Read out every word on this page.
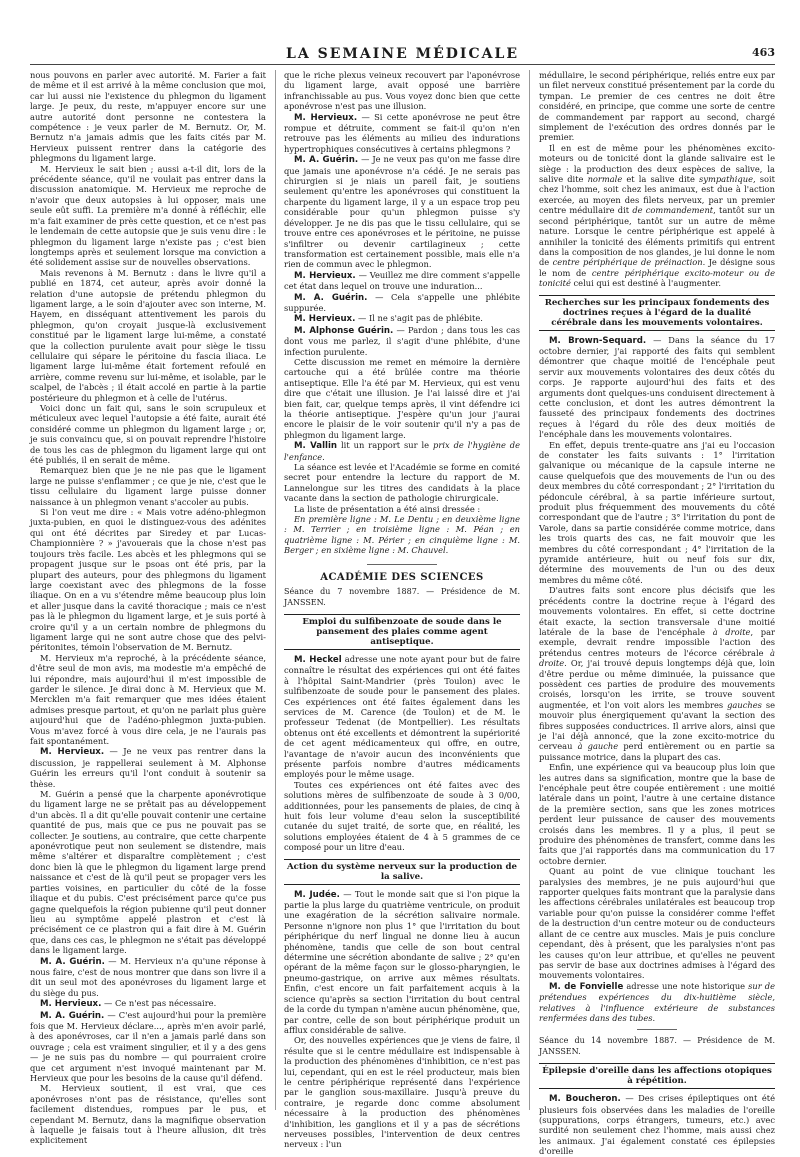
LA SEMAINE MÉDICALE	463

nous pouvons en parler avec autorité. M. Farier a fait de même et il est arrivé à la même conclusion que moi, car lui aussi nie l'existence du phlegmon du ligament large. Je peux, du reste, m'appuyer encore sur une autre autorité dont personne ne contestera la compétence : je veux parler de M. Bernutz. Or, M. Bernutz n'a jamais admis que les faits cités par M. Hervieux puissent rentrer dans la catégorie des phlegmons du ligament large.

M. Hervieux le sait bien ; aussi a-t-il dit, lors de la précédente séance, qu'il ne voulait pas entrer dans la discussion anatomique. M. Hervieux me reproche de n'avoir que deux autopsies à lui opposer, mais une seule eût suffi. La première m'a donné à réfléchir, elle m'a fait examiner de près cette question, et ce n'est pas le lendemain de cette autopsie que je suis venu dire : le phlegmon du ligament large n'existe pas ; c'est bien longtemps après et seulement lorsque ma conviction a été solidement assise sur de nouvelles observations.

Mais revenons à M. Bernutz : dans le livre qu'il a publié en 1874, cet auteur, après avoir donné la relation d'une autopsie de prétendu phlegmon du ligament large, a le soin d'ajouter avec son interne, M. Hayem, en disséquant attentivement les parois du phlegmon, qu'on croyait jusque-là exclusivement constitué par le ligament large lui-même, a constaté que la collection purulente avait pour siège le tissu cellulaire qui sépare le péritoine du fascia iliaca. Le ligament large lui-même était fortement refoulé en arrière, comme revenu sur lui-même, et isolable, par le scalpel, de l'abcès ; il était accolé en partie à la partie postérieure du phlegmon et à celle de l'utérus.

Voici donc un fait qui, sans le soin scrupuleux et méticuleux avec lequel l'autopsie a été faite, aurait été considéré comme un phlegmon du ligament large ; or, je suis convaincu que, si on pouvait reprendre l'histoire de tous les cas de phlegmon du ligament large qui ont été publiés, il en serait de même.

Remarquez bien que je ne nie pas que le ligament large ne puisse s'enflammer ; ce que je nie, c'est que le tissu cellulaire du ligament large puisse donner naissance à un phlegmon venant s'accoler au pubis.

Si l'on veut me dire : « Mais votre adéno-phlegmon juxta-pubien, en quoi le distinguez-vous des adénites qui ont été décrites par Siredey et par Lucas-Championnière ? » j'avouerais que la chose n'est pas toujours très facile. Les abcès et les phlegmons qui se propagent jusque sur le psoas ont été pris, par la plupart des auteurs, pour des phlegmons du ligament large coexistant avec des phlegmons de la fosse iliaque. On en a vu s'étendre même beaucoup plus loin et aller jusque dans la cavité thoracique ; mais ce n'est pas là le phlegmon du ligament large, et je suis porté à croire qu'il y a un certain nombre de phlegmons du ligament large qui ne sont autre chose que des pelvi-péritonites, témoin l'observation de M. Bernutz.

M. Hervieux m'a reproché, à la précédente séance, d'être seul de mon avis, ma modestie m'a empêché de lui répondre, mais aujourd'hui il m'est impossible de garder le silence. Je dirai donc à M. Hervieux que M. Mercklen m'a fait remarquer que mes idées étaient admises presque partout, et qu'on ne parlait plus guère aujourd'hui que de l'adéno-phlegmon juxta-pubien. Vous m'avez forcé à vous dire cela, je ne l'aurais pas fait spontanément.

M. Hervieux. — Je ne veux pas rentrer dans la discussion, je rappellerai seulement à M. Alphonse Guérin les erreurs qu'il l'ont conduit à soutenir sa thèse.

M. Guérin a pensé que la charpente aponévrotique du ligament large ne se prêtait pas au développement d'un abcès. Il a dit qu'elle pouvait contenir une certaine quantité de pus, mais que ce pus ne pouvait pas se collecter. Je soutiens, au contraire, que cette charpente aponévrotique peut non seulement se distendre, mais même s'altérer et disparaître complètement ; c'est donc bien là que le phlegmon du ligament large prend naissance et c'est de là qu'il peut se propager vers les parties voisines, en particulier du côté de la fosse iliaque et du pubis. C'est précisément parce qu'ce pus gagne quelquefois la région pubienne qu'il peut donner lieu au symptôme appelé plastron et c'est là précisément ce ce plastron qui a fait dire à M. Guérin que, dans ces cas, le phlegmon ne s'était pas développé dans le ligament large.

M. A. Guérin. — M. Hervieux n'a qu'une réponse à nous faire, c'est de nous montrer que dans son livre il a dit un seul mot des aponévroses du ligament large et du siège du pus.

M. Hervieux. — Ce n'est pas nécessaire.

M. A. Guérin. — C'est aujourd'hui pour la première fois que M. Hervieux déclare..., après m'en avoir parlé, à des aponévroses, car il n'en a jamais parlé dans son ouvrage ; cela est vraiment singulier, et il y a des gens — je ne suis pas du nombre — qui pourraient croire que cet argument n'est invoqué maintenant par M. Hervieux que pour les besoins de la cause qu'il défend.

M. Hervieux soutient, il est vrai, que ces aponévroses n'ont pas de résistance, qu'elles sont facilement distendues, rompues par le pus, et cependant M. Bernutz, dans la magnifique observation à laquelle je faisais tout à l'heure allusion, dit très explicitement

que le riche plexus veineux recouvert par l'aponévrose du ligament large, avait opposé une barrière infranchissable au pus. Vous voyez donc bien que cette aponévrose n'est pas une illusion.

M. Hervieux. — Si cette aponévrose ne peut être rompue et détruite, comment se fait-il qu'on n'en retrouve pas les éléments au milieu des indurations hypertrophiques consécutives à certains phlegmons ?

M. A. Guérin. — Je ne veux pas qu'on me fasse dire que jamais une aponévrose n'a cédé. Je ne serais pas chirurgien si je niais un pareil fait, je soutiens seulement qu'entre les aponévroses qui constituent la charpente du ligament large, il y a un espace trop peu considérable pour qu'un phlegmon puisse s'y développer. Je ne dis pas que le tissu cellulaire, qui se trouve entre ces aponévroses et le péritoine, ne puisse s'infiltrer ou devenir cartilagineux ; cette transformation est certainement possible, mais elle n'a rien de commun avec le phlegmon.

M. Hervieux. — Veuillez me dire comment s'appelle cet état dans lequel on trouve une induration...

M. A. Guérin. — Cela s'appelle une phlébite suppurée.

M. Hervieux. — Il ne s'agit pas de phlébite.

M. Alphonse Guérin. — Pardon ; dans tous les cas dont vous me parlez, il s'agit d'une phlébite, d'une infection purulente.

Cette discussion me remet en mémoire la dernière cartouche qui a été brûlée contre ma théorie antiseptique. Elle l'a été par M. Hervieux, qui est venu dire que c'était une illusion. Je l'ai laissé dire et j'ai bien fait, car, quelque temps après, il vint défendre ici la théorie antiseptique. J'espère qu'un jour j'aurai encore le plaisir de le voir soutenir qu'il n'y a pas de phlegmon du ligament large.

M. Vallin lit un rapport sur le prix de l'hygiène de l'enfance.

La séance est levée et l'Académie se forme en comité secret pour entendre la lecture du rapport de M. Lannelongue sur les titres des candidats à la place vacante dans la section de pathologie chirurgicale.

La liste de présentation a été ainsi dressée :

En première ligne : M. Le Dentu ; en deuxième ligne : M. Terrier ; en troisième ligne : M. Péan ; en quatrième ligne : M. Périer ; en cinquième ligne : M. Berger ; en sixième ligne : M. Chauvel.

ACADÉMIE DES SCIENCES

Séance du 7 novembre 1887. — Présidence de M. JANSSEN.

Emploi du sulfibenzoate de soude dans le pansement des plaies comme agent antiseptique.

M. Heckel adresse une note ayant pour but de faire connaître le résultat des expériences qui ont été faites à l'hôpital Saint-Mandrier (près Toulon) avec le sulfibenzoate de soude pour le pansement des plaies. Ces expériences ont été faites également dans les services de M. Carence (de Toulon) et de M. le professeur Tedenat (de Montpellier). Les résultats obtenus ont été excellents et démontrent la supériorité de cet agent médicamenteux qui offre, en outre, l'avantage de n'avoir aucun des inconvénients que présente parfois nombre d'autres médicaments employés pour le même usage.

Toutes ces expériences ont été faites avec des solutions mères de sulfibenzoate de soude à 3 0/00, additionnées, pour les pansements de plaies, de cinq à huit fois leur volume d'eau selon la susceptibilité cutanée du sujet traité, de sorte que, en réalité, les solutions employées étaient de 4 à 5 grammes de ce composé pour un litre d'eau.

Action du système nerveux sur la production de la salive.

M. Judée. — Tout le monde sait que si l'on pique la partie la plus large du quatrième ventricule, on produit une exagération de la sécrétion salivaire normale. Personne n'ignore non plus 1° que l'irritation du bout périphérique du nerf lingual ne donne lieu à aucun phénomène, tandis que celle de son bout central détermine une sécrétion abondante de salive ; 2° qu'en opérant de la même façon sur le glosso-pharyngien, le pneumo-gastrique, on arrive aux mêmes résultats. Enfin, c'est encore un fait parfaitement acquis à la science qu'après sa section l'irritation du bout central de la corde du tympan n'amène aucun phénomène, que, par contre, celle de son bout périphérique produit un afflux considérable de salive.

Or, des nouvelles expériences que je viens de faire, il résulte que si le centre médullaire est indispensable à la production des phénomènes d'inhibition, ce n'est pas lui, cependant, qui en est le réel producteur, mais bien le centre périphérique représenté dans l'expérience par le ganglion sous-maxillaire. Jusqu'à preuve du contraire, je regarde donc comme absolument nécessaire à la production des phénomènes d'inhibition, les ganglions et il y a pas de sécrétions nerveuses possibles, l'intervention de deux centres nerveux : l'un

médullaire, le second périphérique, reliés entre eux par un filet nerveux constitué présentement par la corde du tympan. Le premier de ces centres ne doit être considéré, en principe, que comme une sorte de centre de commandement par rapport au second, chargé simplement de l'exécution des ordres donnés par le premier.

Il en est de même pour les phénomènes excito-moteurs ou de tonicité dont la glande salivaire est le siège : la production des deux espèces de salive, la salive dite normale et la salive dite sympathique, soit chez l'homme, soit chez les animaux, est due à l'action exercée, au moyen des filets nerveux, par un premier centre médullaire dit de commandement, tantôt sur un second périphérique, tantôt sur un autre de même nature. Lorsque le centre périphérique est appelé à annihiler la tonicité des éléments primitifs qui entrent dans la composition de nos glandes, je lui donne le nom de centre périphérique de préinaction. Je désigne sous le nom de centre périphérique excito-moteur ou de tonicité celui qui est destiné à l'augmenter.

Recherches sur les principaux fondements des doctrines reçues à l'égard de la dualité cérébrale dans les mouvements volontaires.

M. Brown-Sequard. — Dans la séance du 17 octobre dernier, j'ai rapporté des faits qui semblent démontrer que chaque moitié de l'encéphale peut servir aux mouvements volontaires des deux côtés du corps. Je rapporte aujourd'hui des faits et des arguments dont quelques-uns conduisent directement à cette conclusion, et dont les autres démontrent la fausseté des principaux fondements des doctrines reçues à l'égard du rôle des deux moitiés de l'encéphale dans les mouvements volontaires.

En effet, depuis trente-quatre ans j'ai eu l'occasion de constater les faits suivants : 1° l'irritation galvanique ou mécanique de la capsule interne ne cause quelquefois que des mouvements de l'un ou des deux membres du côté correspondant ; 2° l'irritation du pédoncule cérébral, à sa partie inférieure surtout, produit plus fréquemment des mouvements du côté correspondant que de l'autre ; 3° l'irritation du pont de Varole, dans sa partie considérée comme motrice, dans les trois quarts des cas, ne fait mouvoir que les membres du côté correspondant ; 4° l'irritation de la pyramide antérieure, huit ou neuf fois sur dix, détermine des mouvements de l'un ou des deux membres du même côté.

D'autres faits sont encore plus décisifs que les précédents contre la doctrine reçue à l'égard des mouvements volontaires. En effet, si cette doctrine était exacte, la section transversale d'une moitié latérale de la base de l'encéphale à droite, par exemple, devrait rendre impossible l'action des prétendus centres moteurs de l'écorce cérébrale à droite. Or, j'ai trouvé depuis longtemps déjà que, loin d'être perdue ou même diminuée, la puissance que possèdent ces parties de produire des mouvements croisés, lorsqu'on les irrite, se trouve souvent augmentée, et l'on voit alors les membres gauches se mouvoir plus énergiquement qu'avant la section des fibres supposées conductrices. Il arrive alors, ainsi que je l'ai déjà annoncé, que la zone excito-motrice du cerveau à gauche perd entièrement ou en partie sa puissance motrice, dans la plupart des cas.

Enfin, une expérience qui va beaucoup plus loin que les autres dans sa signification, montre que la base de l'encéphale peut être coupée entièrement : une moitié latérale dans un point, l'autre à une certaine distance de la première section, sans que les zones motrices perdent leur puissance de causer des mouvements croisés dans les membres. Il y a plus, il peut se produire des phénomènes de transfert, comme dans les faits que j'ai rapportés dans ma communication du 17 octobre dernier.

Quant au point de vue clinique touchant les paralysies des membres, je ne puis aujourd'hui que rapporter quelques faits montrant que la paralysie dans les affections cérébrales unilatérales est beaucoup trop variable pour qu'on puisse la considérer comme l'effet de la destruction d'un centre moteur ou de conducteurs allant de ce centre aux muscles. Mais je puis conclure cependant, dès à présent, que les paralysies n'ont pas les causes qu'on leur attribue, et qu'elles ne peuvent pas servir de base aux doctrines admises à l'égard des mouvements volontaires.

M. de Fonvielle adresse une note historique sur de prétendues expériences du dix-huitième siècle, relatives à l'influence extérieure de substances renfermées dans des tubes.

Séance du 14 novembre 1887. — Présidence de M. JANSSEN.

Épilepsie d'oreille dans les affections otopiques à répétition.

M. Boucheron. — Des crises épileptiques ont été plusieurs fois observées dans les maladies de l'oreille (suppurations, corps étrangers, tumeurs, etc.) avec surdité non seulement chez l'homme, mais aussi chez les animaux. J'ai également constaté ces épilepsies d'oreille
